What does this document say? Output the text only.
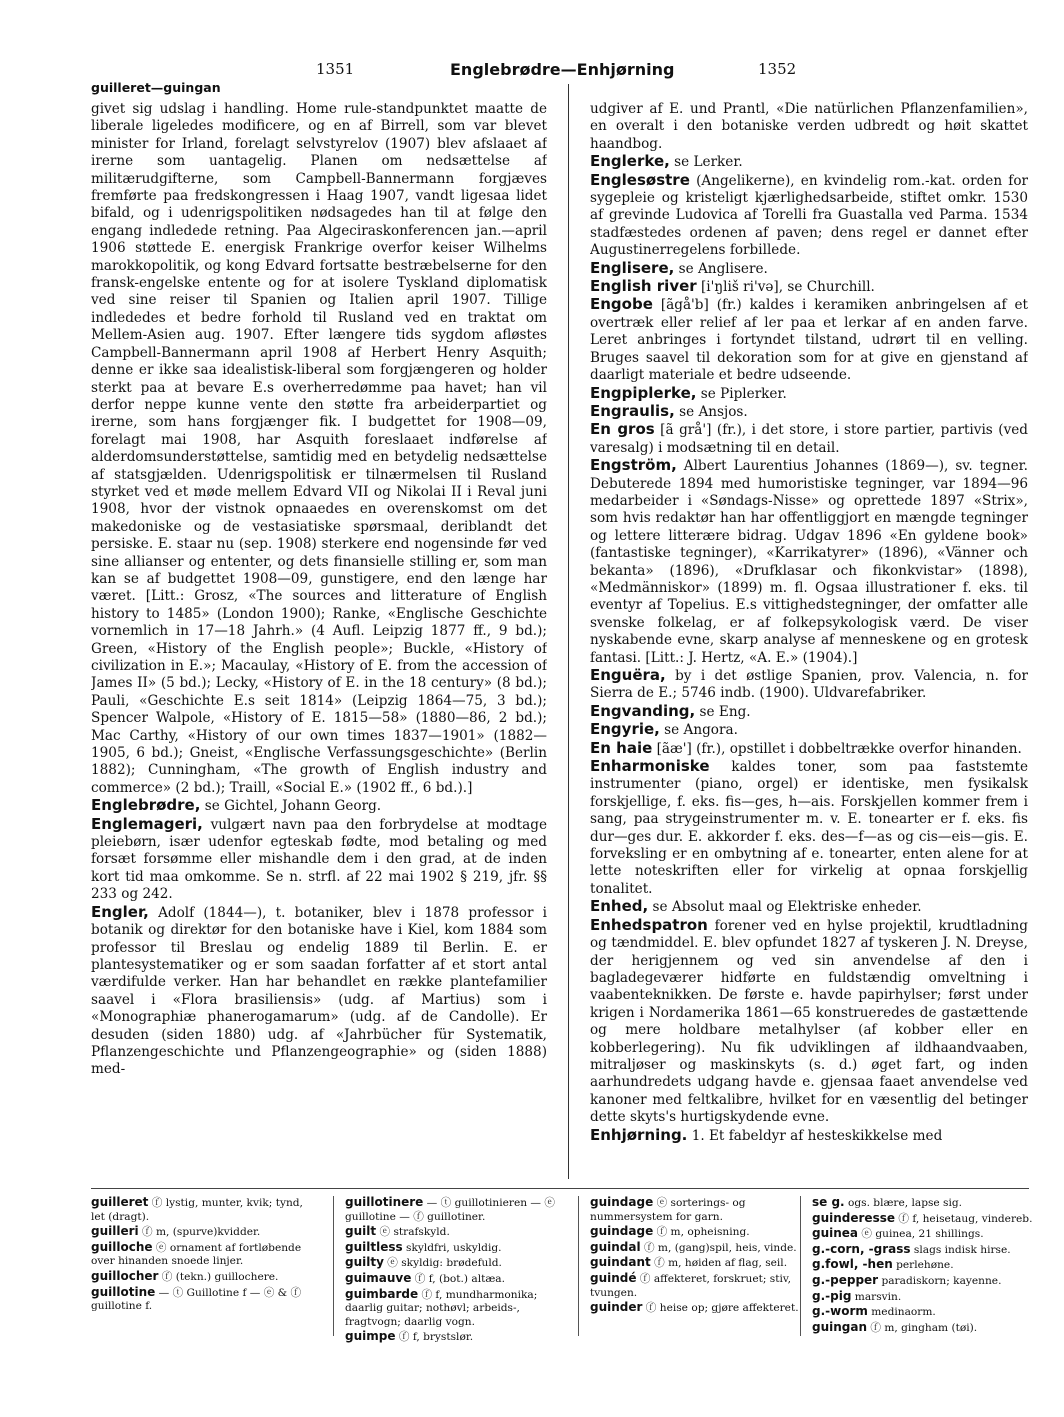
guilleret—guingan
1351	Englebrødre—Enhjørning	1352

givet sig udslag i handling. Home rule-standpunktet maatte de liberale ligeledes modificere, og en af Birrell, som var blevet minister for Irland, forelagt selvstyrelov (1907) blev afslaaet af irerne som uantagelig. Planen om nedsættelse af militærudgifterne, som Campbell-Bannermann forgjæves fremførte paa fredskongressen i Haag 1907, vandt ligesaa lidet bifald, og i udenrigspolitiken nødsagedes han til at følge den engang indledede retning. Paa Algeciraskonferencen jan.—april 1906 støttede E. energisk Frankrige overfor keiser Wilhelms marokkopolitik, og kong Edvard fortsatte bestræbelserne for den fransk-engelske entente og for at isolere Tyskland diplomatisk ved sine reiser til Spanien og Italien april 1907. Tillige indlededes et bedre forhold til Rusland ved en traktat om Mellem-Asien aug. 1907. Efter længere tids sygdom afløstes Campbell-Bannermann april 1908 af Herbert Henry Asquith; denne er ikke saa idealistisk-liberal som forgjængeren og holder sterkt paa at bevare E.s overherredømme paa havet; han vil derfor neppe kunne vente den støtte fra arbeiderpartiet og irerne, som hans forgjænger fik. I budgettet for 1908—09, forelagt mai 1908, har Asquith foreslaaet indførelse af alderdomsunderstøttelse, samtidig med en betydelig nedsættelse af statsgjælden. Udenrigspolitisk er tilnærmelsen til Rusland styrket ved et møde mellem Edvard VII og Nikolai II i Reval juni 1908, hvor der vistnok opnaaedes en overenskomst om det makedoniske og de vestasiatiske spørsmaal, deriblandt det persiske. E. staar nu (sep. 1908) sterkere end nogensinde før ved sine allianser og ententer, og dets finansielle stilling er, som man kan se af budgettet 1908—09, gunstigere, end den længe har været. [Litt.: Grosz, «The sources and litterature of English history to 1485» (London 1900); Ranke, «Englische Geschichte vornemlich in 17—18 Jahrh.» (4 Aufl. Leipzig 1877 ff., 9 bd.); Green, «History of the English people»; Buckle, «History of civilization in E.»; Macaulay, «History of E. from the accession of James II» (5 bd.); Lecky, «History of E. in the 18 century» (8 bd.); Pauli, «Geschichte E.s seit 1814» (Leipzig 1864—75, 3 bd.); Spencer Walpole, «History of E. 1815—58» (1880—86, 2 bd.); Mac Carthy, «History of our own times 1837—1901» (1882—1905, 6 bd.); Gneist, «Englische Verfassungsgeschichte» (Berlin 1882); Cunningham, «The growth of English industry and commerce» (2 bd.); Traill, «Social E.» (1902 ff., 6 bd.).]

Englebrødre, se Gichtel, Johann Georg.

Englemageri, vulgært navn paa den forbrydelse at modtage pleiebørn, især udenfor egteskab fødte, mod betaling og med forsæt forsømme eller mishandle dem i den grad, at de inden kort tid maa omkomme. Se n. strfl. af 22 mai 1902 § 219, jfr. §§ 233 og 242.

Engler, Adolf (1844—), t. botaniker, blev i 1878 professor i botanik og direktør for den botaniske have i Kiel, kom 1884 som professor til Breslau og endelig 1889 til Berlin. E. er plantesystematiker og er som saadan forfatter af et stort antal værdifulde verker. Han har behandlet en række plantefamilier saavel i «Flora brasiliensis» (udg. af Martius) som i «Monographiæ phanerogamarum» (udg. af de Candolle). Er desuden (siden 1880) udg. af «Jahrbücher für Systematik, Pflanzengeschichte und Pflanzengeographie» og (siden 1888) med-

udgiver af E. und Prantl, «Die natürlichen Pflanzenfamilien», en overalt i den botaniske verden udbredt og høit skattet haandbog.

Englerke, se Lerker.

Englesøstre (Angelikerne), en kvindelig rom.-kat. orden for sygepleie og kristeligt kjærlighedsarbeide, stiftet omkr. 1530 af grevinde Ludovica af Torelli fra Guastalla ved Parma. 1534 stadfæstedes ordenen af paven; dens regel er dannet efter Augustinerregelens forbillede.

Englisere, se Anglisere.

English river [i'ŋliš ri'və], se Churchill.

Engobe [ãgå'b] (fr.) kaldes i keramiken anbringelsen af et overtræk eller relief af ler paa et lerkar af en anden farve. Leret anbringes i fortyndet tilstand, udrørt til en velling. Bruges saavel til dekoration som for at give en gjenstand af daarligt materiale et bedre udseende.

Engpiplerke, se Piplerker.

Engraulis, se Ansjos.

En gros [ã grå'] (fr.), i det store, i store partier, partivis (ved varesalg) i modsætning til en detail.

Engström, Albert Laurentius Johannes (1869—), sv. tegner. Debuterede 1894 med humoristiske tegninger, var 1894—96 medarbeider i «Søndags-Nisse» og oprettede 1897 «Strix», som hvis redaktør han har offentliggjort en mængde tegninger og lettere litterære bidrag. Udgav 1896 «En gyldene book» (fantastiske tegninger), «Karrikatyrer» (1896), «Vänner och bekanta» (1896), «Drufklasar och fikonkvistar» (1898), «Medmänniskor» (1899) m. fl. Ogsaa illustrationer f. eks. til eventyr af Topelius. E.s vittighedstegninger, der omfatter alle svenske folkelag, er af folkepsykologisk værd. De viser nyskabende evne, skarp analyse af menneskene og en grotesk fantasi. [Litt.: J. Hertz, «A. E.» (1904).]

Enguëra, by i det østlige Spanien, prov. Valencia, n. for Sierra de E.; 5746 indb. (1900). Uldvarefabriker.

Engvanding, se Eng.

Engyrie, se Angora.

En haie [ãæ'] (fr.), opstillet i dobbeltrække overfor hinanden.

Enharmoniske kaldes toner, som paa faststemte instrumenter (piano, orgel) er identiske, men fysikalsk forskjellige, f. eks. fis—ges, h—ais. Forskjellen kommer frem i sang, paa strygeinstrumenter m. v. E. tonearter er f. eks. fis dur—ges dur. E. akkorder f. eks. des—f—as og cis—eis—gis. E. forveksling er en ombytning af e. tonearter, enten alene for at lette noteskriften eller for virkelig at opnaa forskjellig tonalitet.

Enhed, se Absolut maal og Elektriske enheder.

Enhedspatron forener ved en hylse projektil, krudtladning og tændmiddel. E. blev opfundet 1827 af tyskeren J. N. Dreyse, der herigjennem og ved sin anvendelse af den i bagladegeværer hidførte en fuldstændig omveltning i vaabenteknikken. De første e. havde papirhylser; først under krigen i Nordamerika 1861—65 konstrueredes de gastættende og mere holdbare metalhylser (af kobber eller en kobberlegering). Nu fik udviklingen af ildhaandvaaben, mitraljøser og maskinskyts (s. d.) øget fart, og inden aarhundredets udgang havde e. gjensaa faaet anvendelse ved kanoner med feltkalibre, hvilket for en væsentlig del betinger dette skyts's hurtigskydende evne.

Enhjørning. 1. Et fabeldyr af hesteskikkelse med

guilleret ⓕ lystig, munter, kvik; tynd, let (dragt).

guilleri ⓕ m, (spurve)kvidder.

guilloche ⓔ ornament af fortløbende over hinanden snoede linjer.

guillocher ⓕ (tekn.) guillochere.

guillotine — ⓣ Guillotine f — ⓔ & ⓕ guillotine f.

guillotinere — ⓣ guillotinieren — ⓔ guillotine — ⓕ guillotiner.

guilt ⓔ strafskyld.

guiltless skyldfri, uskyldig.

guilty ⓔ skyldig: brødefuld.

guimauve ⓕ f, (bot.) altæa.

guimbarde ⓕ f, mundharmonika; daarlig guitar; nothøvl; arbeids-, fragtvogn; daarlig vogn.

guimpe ⓕ f, brystslør.

guindage ⓔ sorterings- og nummersystem for garn.

guindage ⓕ m, opheisning.

guindal ⓕ m, (gang)spil, heis, vinde.

guindant ⓕ m, høiden af flag, seil.

guindé ⓕ affekteret, forskruet; stiv, tvungen.

guinder ⓕ heise op; gjøre affekteret.

se g. ogs. blære, lapse sig.

guinderesse ⓕ f, heisetaug, vindereb.

guinea ⓔ guinea, 21 shillings.

g.-corn, -grass slags indisk hirse.

g.fowl, -hen perlehøne.

g.-pepper paradiskorn; kayenne.

g.-pig marsvin.

g.-worm medinaorm.

guingan ⓕ m, gingham (tøi).
